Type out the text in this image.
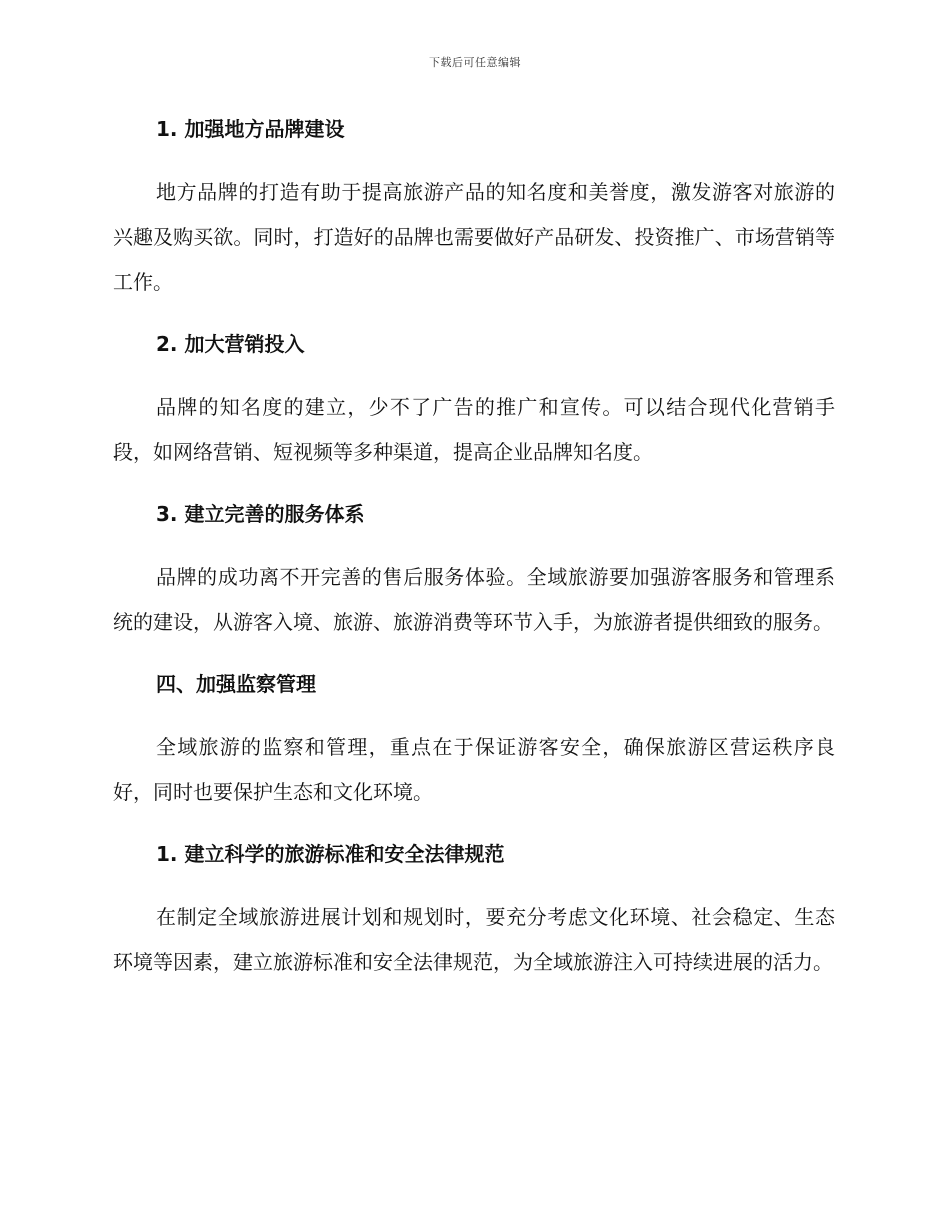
下载后可任意编辑
1. 加强地方品牌建设

地方品牌的打造有助于提高旅游产品的知名度和美誉度，激发游客对旅游的兴趣及购买欲。同时，打造好的品牌也需要做好产品研发、投资推广、市场营销等工作。

2. 加大营销投入

品牌的知名度的建立，少不了广告的推广和宣传。可以结合现代化营销手段，如网络营销、短视频等多种渠道，提高企业品牌知名度。

3. 建立完善的服务体系

品牌的成功离不开完善的售后服务体验。全域旅游要加强游客服务和管理系统的建设，从游客入境、旅游、旅游消费等环节入手，为旅游者提供细致的服务。

四、加强监察管理

全域旅游的监察和管理，重点在于保证游客安全，确保旅游区营运秩序良好，同时也要保护生态和文化环境。

1. 建立科学的旅游标准和安全法律规范

在制定全域旅游进展计划和规划时，要充分考虑文化环境、社会稳定、生态环境等因素，建立旅游标准和安全法律规范，为全域旅游注入可持续进展的活力。
